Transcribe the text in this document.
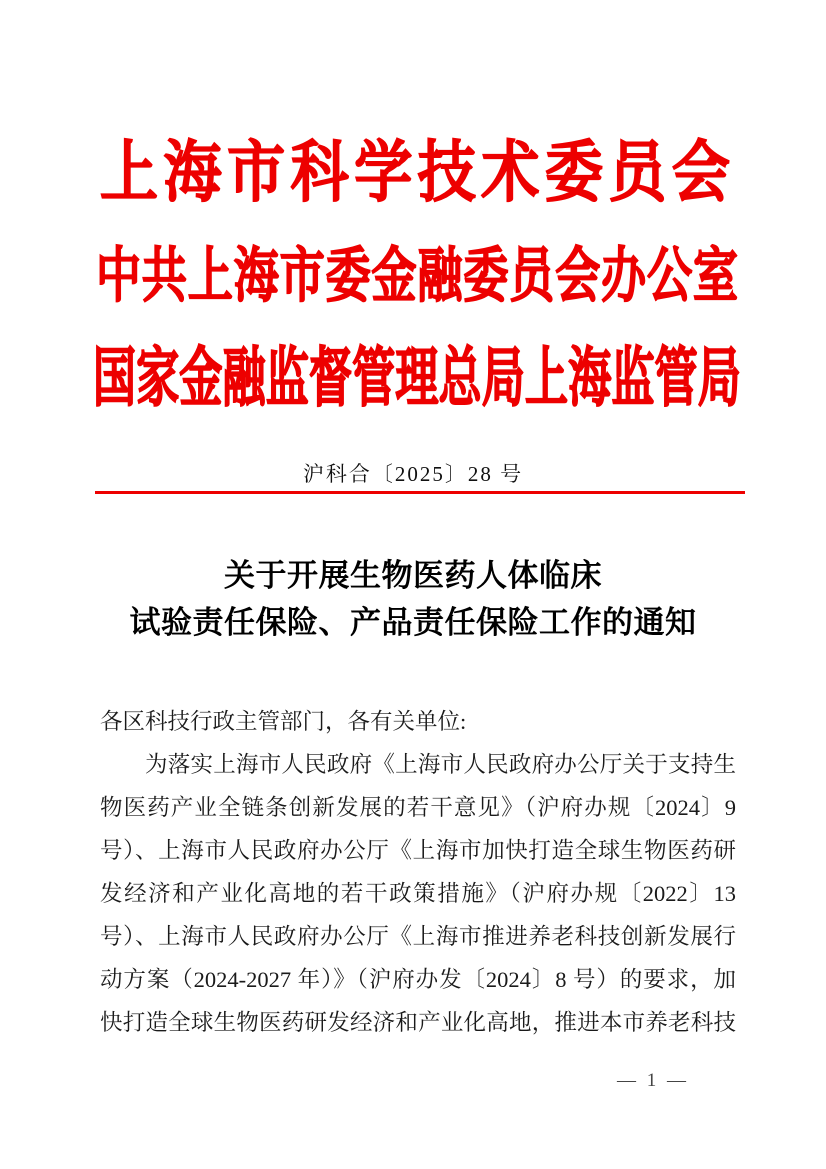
上 海 市 科 学 技 术 委 员 会
中 共 上 海 市 委 金 融 委 员 会 办 公 室
国 家 金 融 监 督 管 理 总 局 上 海 监 管 局
沪科合〔2025〕28 号
关于开展生物医药人体临床
试验责任保险、产品责任保险工作的通知
各区科技行政主管部门，各有关单位:
为落实上海市人民政府《上海市人民政府办公厅关于支持生
物医药产业全链条创新发展的若干意见》（沪府办规〔2024〕9
号）、上海市人民政府办公厅《上海市加快打造全球生物医药研
发经济和产业化高地的若干政策措施》（沪府办规〔2022〕13
号）、上海市人民政府办公厅《上海市推进养老科技创新发展行
动方案（2024-2027 年）》（沪府办发〔2024〕8 号）的要求，加
快打造全球生物医药研发经济和产业化高地，推进本市养老科技
— 1 —
